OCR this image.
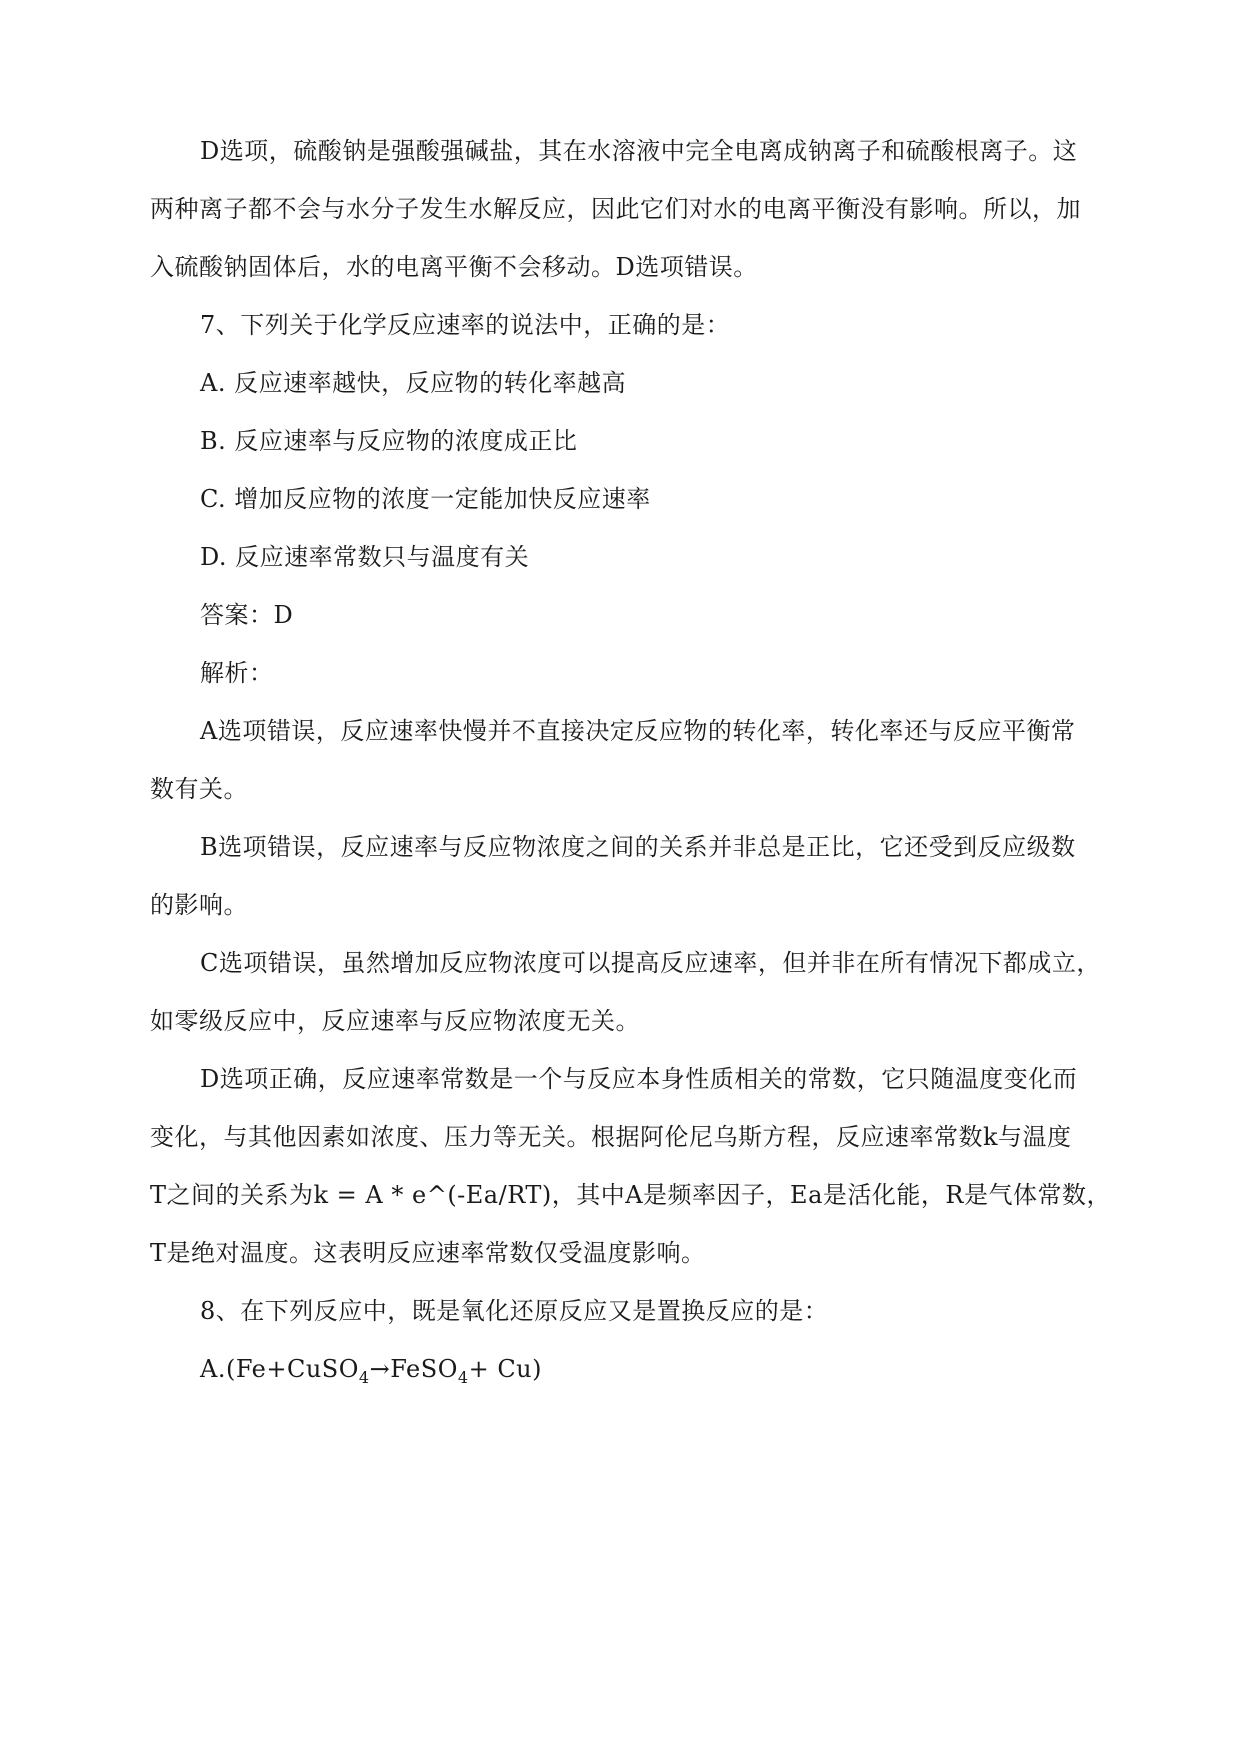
D选项，硫酸钠是强酸强碱盐，其在水溶液中完全电离成钠离子和硫酸根离子。这
两种离子都不会与水分子发生水解反应，因此它们对水的电离平衡没有影响。所以，加
入硫酸钠固体后，水的电离平衡不会移动。D选项错误。
7、下列关于化学反应速率的说法中，正确的是：
A. 反应速率越快，反应物的转化率越高
B. 反应速率与反应物的浓度成正比
C. 增加反应物的浓度一定能加快反应速率
D. 反应速率常数只与温度有关
答案：D
解析：
A选项错误，反应速率快慢并不直接决定反应物的转化率，转化率还与反应平衡常
数有关。
B选项错误，反应速率与反应物浓度之间的关系并非总是正比，它还受到反应级数
的影响。
C选项错误，虽然增加反应物浓度可以提高反应速率，但并非在所有情况下都成立，
如零级反应中，反应速率与反应物浓度无关。
D选项正确，反应速率常数是一个与反应本身性质相关的常数，它只随温度变化而
变化，与其他因素如浓度、压力等无关。根据阿伦尼乌斯方程，反应速率常数k与温度
T之间的关系为k = A * e^(-Ea/RT)，其中A是频率因子，Ea是活化能，R是气体常数，
T是绝对温度。这表明反应速率常数仅受温度影响。
8、在下列反应中，既是氧化还原反应又是置换反应的是：
A.(Fe+CuSO$_4$→FeSO$_4$+ Cu)
